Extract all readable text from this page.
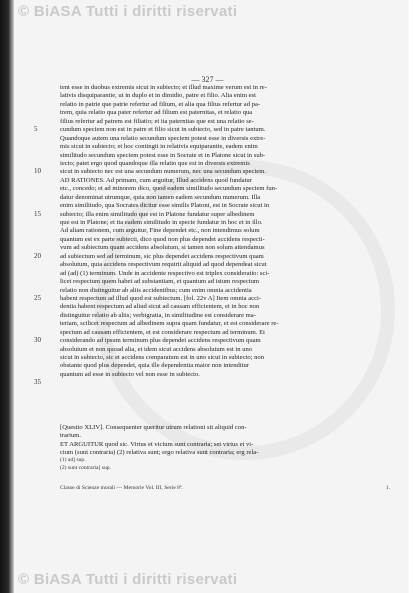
© BiASA Tutti i diritti riservati
© BiASA Tutti i diritti riservati
— 327 —
5
10
15
20
25
30
35
tent esse in duobus extremis sicut in subiecto; et illud maxime verum est in re-
lativis disquiparantie, ut in duplo et in dimidio, patre et filio. Alia enim est
relatio in patrie que patrie refertur ad filium, et alia qua filius refertur ad pa-
trem, quia relatio qua pater refertur ad filium est paternitas, et relatio qua
filius refertur ad patrem est filiatio; et ita paternitas que est una relatio se-
cundum speciem non est in patre et filio sicut in subiecto, sed in patre tantum.
Quandoque autem una relatio secundum speciem potest esse in diversis extre-
mis sicut in subiecto; et hoc contingit in relativis equiparantie, eadem enim
similitudo secundum speciem potest esse in Socrate et in Platone sicut in sub-
iecto; patet ergo quod quandoque illa relatio que est in diversis extremis
sicut in subiecto nec est una secundum numerum, nec una secundum speciem.
AD RATIONES. Ad primam, cum arguitur, Illud accidens quod fundatur
etc., concedo; et ad minorem dico, quod eadem similitudo secundum speciem fun-
datur denominat utrumque, quia non tamen eadem secundum numerum. Illa
enim similitudo, qua Socrates dicitur esse similis Platoni, est in Socrate sicut in
subiecto; illa enim similitudo que est in Platone fundatur super albedinem
que est in Platone; et ita eadem similitudo in specie fundatur in hoc et in illo.
Ad aliam rationem, cum arguitur, Fine dependet etc., non intendimus solum
quantum est ex parte subiecti, dico quod non plus dependet accidens respecti-
vum ad subiectum quam accidens absolutum, si tamen non solum attendamus
ad subiectum sed ad terminum, sic plus dependet accidens respectivum quam
absolutum, quia accidens respectivum requirit aliquid ad quod dependeat sicut
ad (ad) (1) terminum. Unde in accidente respectivo est triplex consideratio: sci-
licet respectum quem habet ad substantiam, et quantum ad istum respectum
relatio non distinguitur ab aliis accidentibus; cum enim omnia accidentia
habent respectum ad illud quod est subiectum. [fol. 22v A] Item omnia acci-
dentia habent respectum ad aliud sicut ad causam efficientem, et in hoc non
distinguitur relatio ab aliis; verbigratia, in similitudine est considerare ma-
teriam, scilicet respectum ad albedinem supra quam fundatur, et est considerare re-
spectum ad causam efficientem, et est considerare respectum ad terminum. Et
considerando ad ipsum terminum plus dependet accidens respectivum quam
absolutum et non quoad alia, et idem sicut accidens absolutum est in uno
sicut in subiecto, sic et accidens comparatum est in uno sicut in subiecto; non
obstante quod plus dependet, quia ille dependentia maior non intenditur
quantum ad esse in subiecto vel non esse in subiecto.
[Questio XLIV]. Consequenter queritur utrum relationi sit aliquid con-
trarium.
ET ARGUITUR quod sic. Virtus et vicium sunt contraria; set virtus et vi-
cium (sunt contraria) (2) relativa sunt; ergo relativa sunt contraria; erg rela-
(1) ad] sup.
(2) sunt contraria] sup.
Classe di Scienze morali — Memorie Vol. III, Serie 8ª.	1.
